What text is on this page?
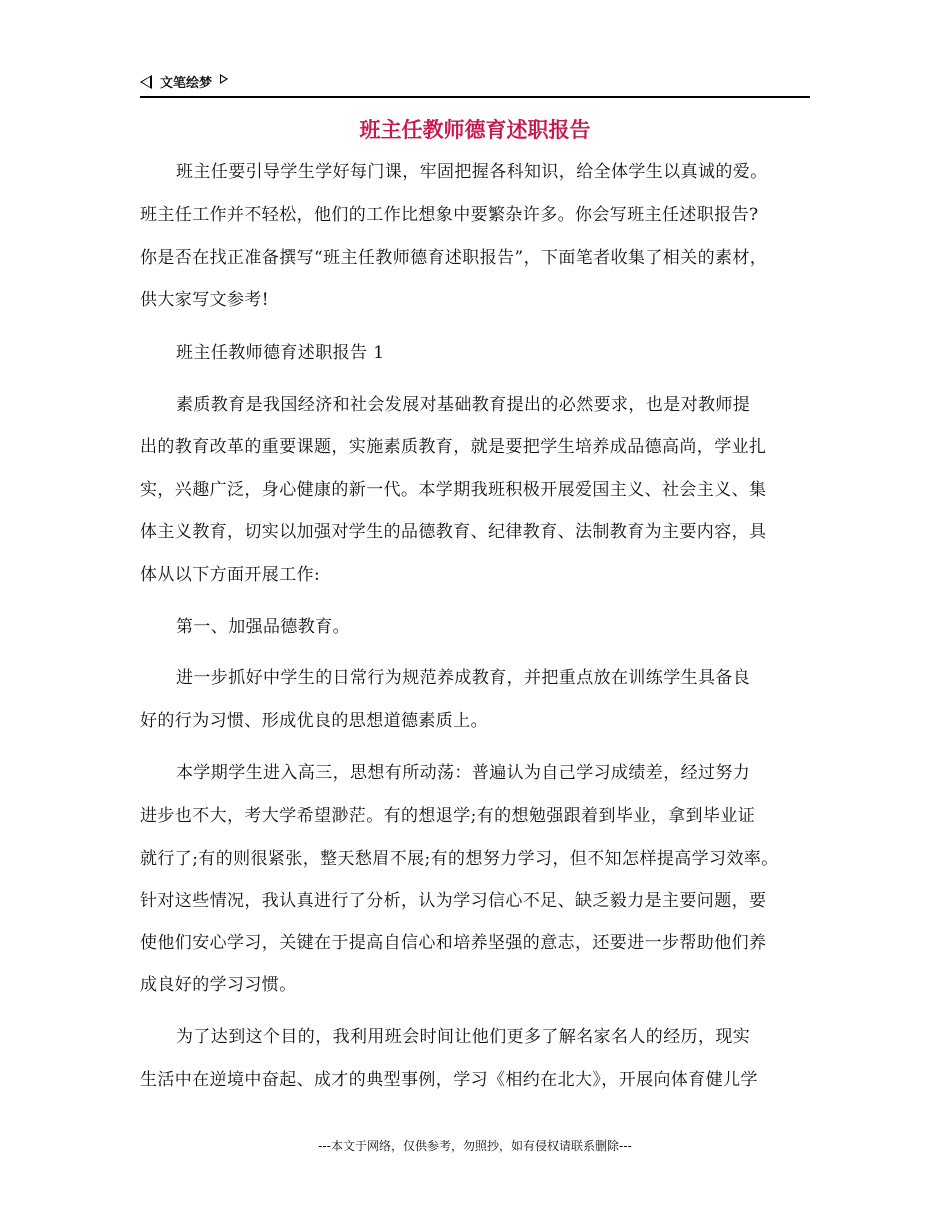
文笔绘梦
班主任教师德育述职报告
班主任要引导学生学好每门课，牢固把握各科知识，给全体学生以真诚的爱。
班主任工作并不轻松，他们的工作比想象中要繁杂许多。你会写班主任述职报告?
你是否在找正准备撰写“班主任教师德育述职报告”，下面笔者收集了相关的素材，
供大家写文参考!
班主任教师德育述职报告 1
素质教育是我国经济和社会发展对基础教育提出的必然要求，也是对教师提
出的教育改革的重要课题，实施素质教育，就是要把学生培养成品德高尚，学业扎
实，兴趣广泛，身心健康的新一代。本学期我班积极开展爱国主义、社会主义、集
体主义教育，切实以加强对学生的品德教育、纪律教育、法制教育为主要内容，具
体从以下方面开展工作:
第一、加强品德教育。
进一步抓好中学生的日常行为规范养成教育，并把重点放在训练学生具备良
好的行为习惯、形成优良的思想道德素质上。
本学期学生进入高三，思想有所动荡：普遍认为自己学习成绩差，经过努力
进步也不大，考大学希望渺茫。有的想退学;有的想勉强跟着到毕业，拿到毕业证
就行了;有的则很紧张，整天愁眉不展;有的想努力学习，但不知怎样提高学习效率。
针对这些情况，我认真进行了分析，认为学习信心不足、缺乏毅力是主要问题，要
使他们安心学习，关键在于提高自信心和培养坚强的意志，还要进一步帮助他们养
成良好的学习习惯。
为了达到这个目的，我利用班会时间让他们更多了解名家名人的经历，现实
生活中在逆境中奋起、成才的典型事例，学习《相约在北大》，开展向体育健儿学
---本文于网络，仅供参考，勿照抄，如有侵权请联系删除---
